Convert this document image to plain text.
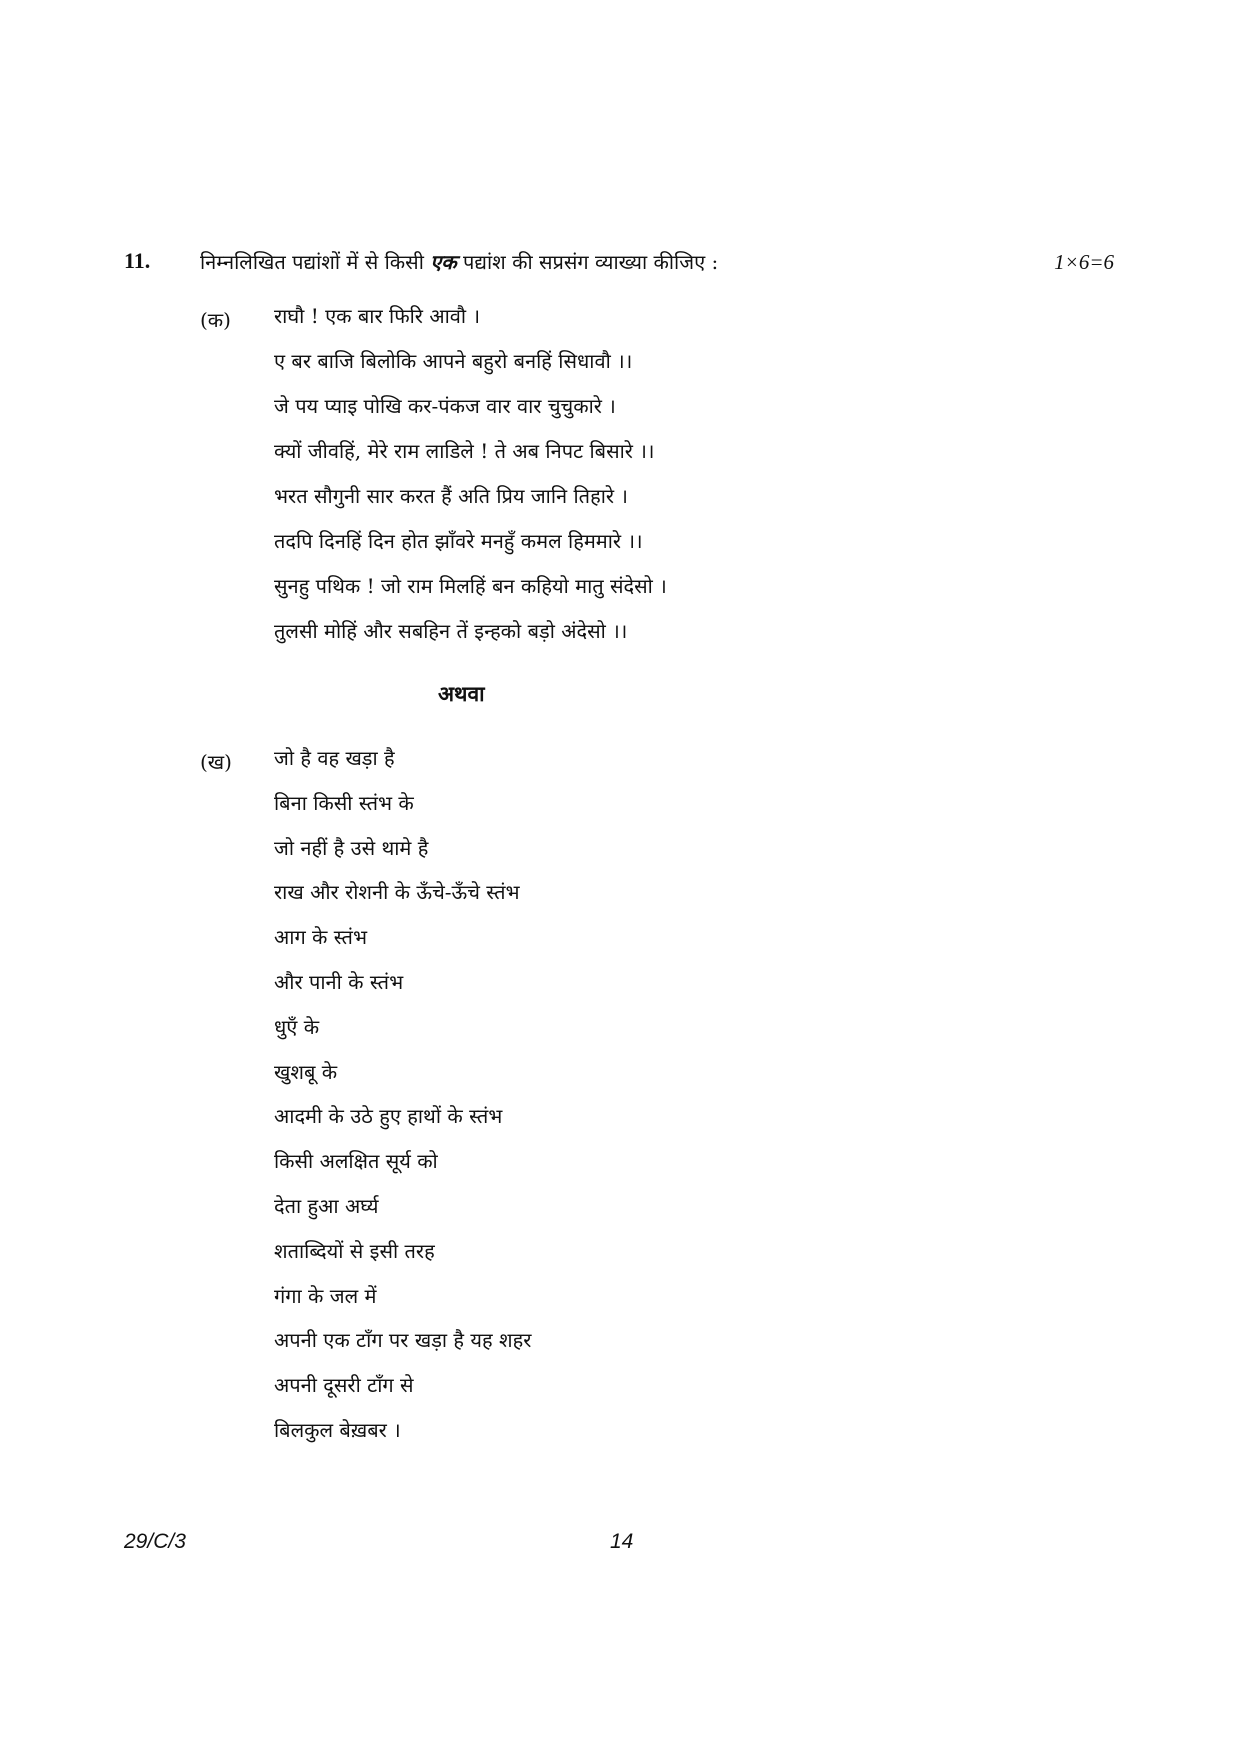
11. निम्नलिखित पद्यांशों में से किसी एक पद्यांश की सप्रसंग व्याख्या कीजिए :	1×6=6
(क) राघौ ! एक बार फिरि आवौ ।
ए बर बाजि बिलोकि आपने बहुरो बनहिं सिधावौ ।।
जे पय प्याइ पोखि कर-पंकज वार वार चुचुकारे ।
क्यों जीवहिं, मेरे राम लाडिले ! ते अब निपट बिसारे ।।
भरत सौगुनी सार करत हैं अति प्रिय जानि तिहारे ।
तदपि दिनहिं दिन होत झाँवरे मनहुँ कमल हिममारे ।।
सुनहु पथिक ! जो राम मिलहिं बन कहियो मातु संदेसो ।
तुलसी मोहिं और सबहिन तें इन्हको बड़ो अंदेसो ।।
अथवा
(ख) जो है वह खड़ा है
बिना किसी स्तंभ के
जो नहीं है उसे थामे है
राख और रोशनी के ऊँचे-ऊँचे स्तंभ
आग के स्तंभ
और पानी के स्तंभ
धुएँ के
खुशबू के
आदमी के उठे हुए हाथों के स्तंभ
किसी अलक्षित सूर्य को
देता हुआ अर्घ्य
शताब्दियों से इसी तरह
गंगा के जल में
अपनी एक टाँग पर खड़ा है यह शहर
अपनी दूसरी टाँग से
बिलकुल बेख़बर ।
29/C/3	14
